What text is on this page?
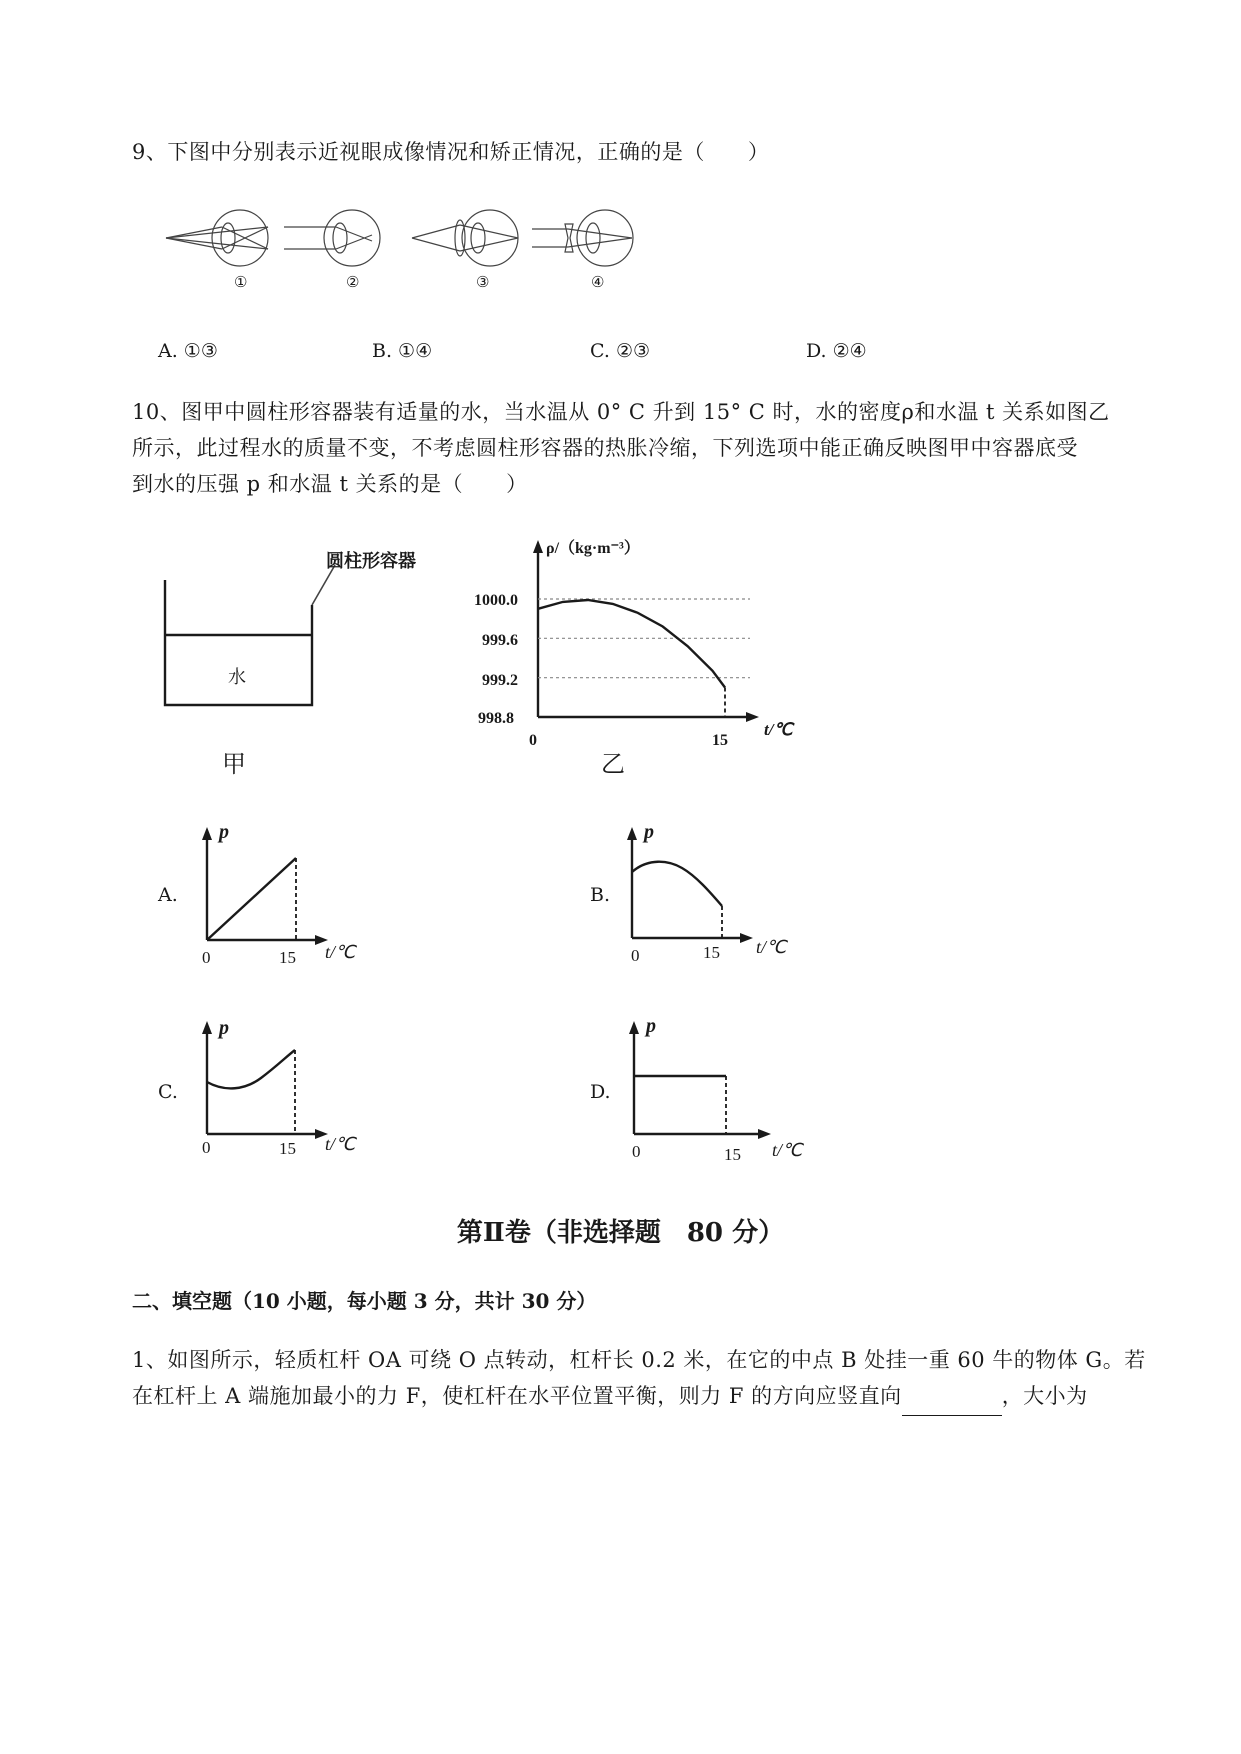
9、下图中分别表示近视眼成像情况和矫正情况，正确的是（　　）
①	②	③	④
A. ①③	B. ①④	C. ②③	D. ②④
10、图甲中圆柱形容器装有适量的水，当水温从 0° C 升到 15° C 时，水的密度ρ和水温 t 关系如图乙
所示，此过程水的质量不变，不考虑圆柱形容器的热胀冷缩，下列选项中能正确反映图甲中容器底受
到水的压强 p 和水温 t 关系的是（　　）
圆柱形容器
水
甲
ρ/（kg·m⁻³）
t/℃
1000.0
999.6
999.2
998.8
0	15
乙
A.
p
t/℃
0	15
B.
p
t/℃
0	15
C.
p
t/℃
0	15
D.
p
t/℃
0	15
第Ⅱ卷（非选择题　80 分）
二、填空题（10 小题，每小题 3 分，共计 30 分）
1、如图所示，轻质杠杆 OA 可绕 O 点转动，杠杆长 0.2 米，在它的中点 B 处挂一重 60 牛的物体 G。若
在杠杆上 A 端施加最小的力 F，使杠杆在水平位置平衡，则力 F 的方向应竖直向	，大小为
